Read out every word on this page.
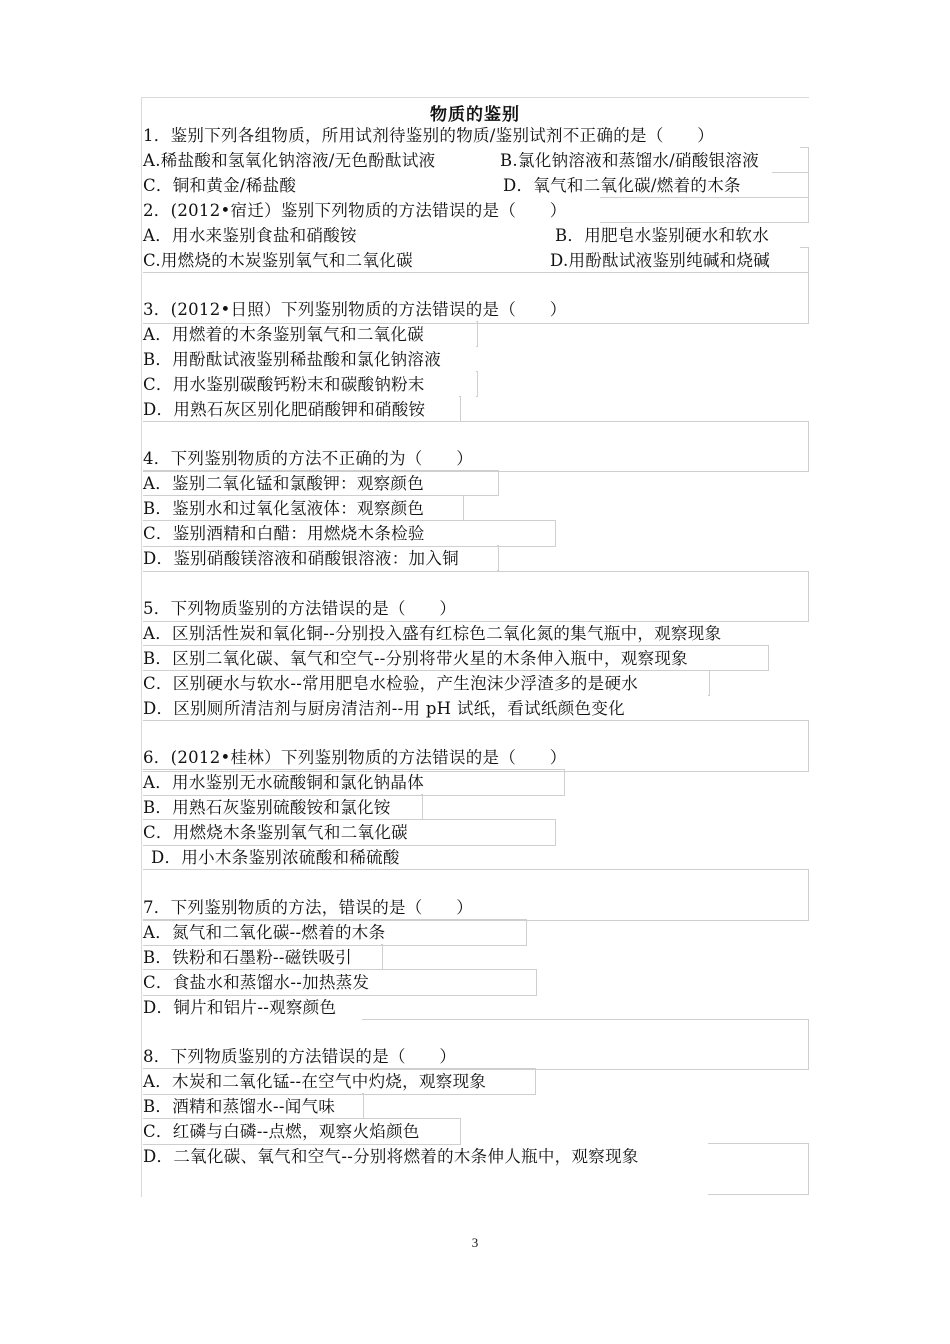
物质的鉴别
1．鉴别下列各组物质，所用试剂待鉴别的物质/鉴别试剂不正确的是（　　）
A.稀盐酸和氢氧化钠溶液/无色酚酞试液	B.氯化钠溶液和蒸馏水/硝酸银溶液
C．铜和黄金/稀盐酸	D．氧气和二氧化碳/燃着的木条
2．(2012•宿迁）鉴别下列物质的方法错误的是（　　）
A．用水来鉴别食盐和硝酸铵	B．用肥皂水鉴别硬水和软水
C.用燃烧的木炭鉴别氧气和二氧化碳	D.用酚酞试液鉴别纯碱和烧碱
3．(2012•日照）下列鉴别物质的方法错误的是（　　）
A．用燃着的木条鉴别氧气和二氧化碳
B．用酚酞试液鉴别稀盐酸和氯化钠溶液
C．用水鉴别碳酸钙粉末和碳酸钠粉末
D．用熟石灰区别化肥硝酸钾和硝酸铵
4．下列鉴别物质的方法不正确的为（　　）
A．鉴别二氧化锰和氯酸钾：观察颜色
B．鉴别水和过氧化氢液体：观察颜色
C．鉴别酒精和白醋：用燃烧木条检验
D．鉴别硝酸镁溶液和硝酸银溶液：加入铜
5．下列物质鉴别的方法错误的是（　　）
A．区别活性炭和氧化铜--分别投入盛有红棕色二氧化氮的集气瓶中，观察现象
B．区别二氧化碳、氧气和空气--分别将带火星的木条伸入瓶中，观察现象
C．区别硬水与软水--常用肥皂水检验，产生泡沫少浮渣多的是硬水
D．区别厕所清洁剂与厨房清洁剂--用 pH 试纸，看试纸颜色变化
6．(2012•桂林）下列鉴别物质的方法错误的是（　　）
A．用水鉴别无水硫酸铜和氯化钠晶体
B．用熟石灰鉴别硫酸铵和氯化铵
C．用燃烧木条鉴别氧气和二氧化碳
D．用小木条鉴别浓硫酸和稀硫酸
7．下列鉴别物质的方法，错误的是（　　）
A．氮气和二氧化碳--燃着的木条
B．铁粉和石墨粉--磁铁吸引
C．食盐水和蒸馏水--加热蒸发
D．铜片和铝片--观察颜色
8．下列物质鉴别的方法错误的是（　　）
A．木炭和二氧化锰--在空气中灼烧，观察现象
B．酒精和蒸馏水--闻气味
C．红磷与白磷--点燃，观察火焰颜色
D．二氧化碳、氧气和空气--分别将燃着的木条伸人瓶中，观察现象
3
